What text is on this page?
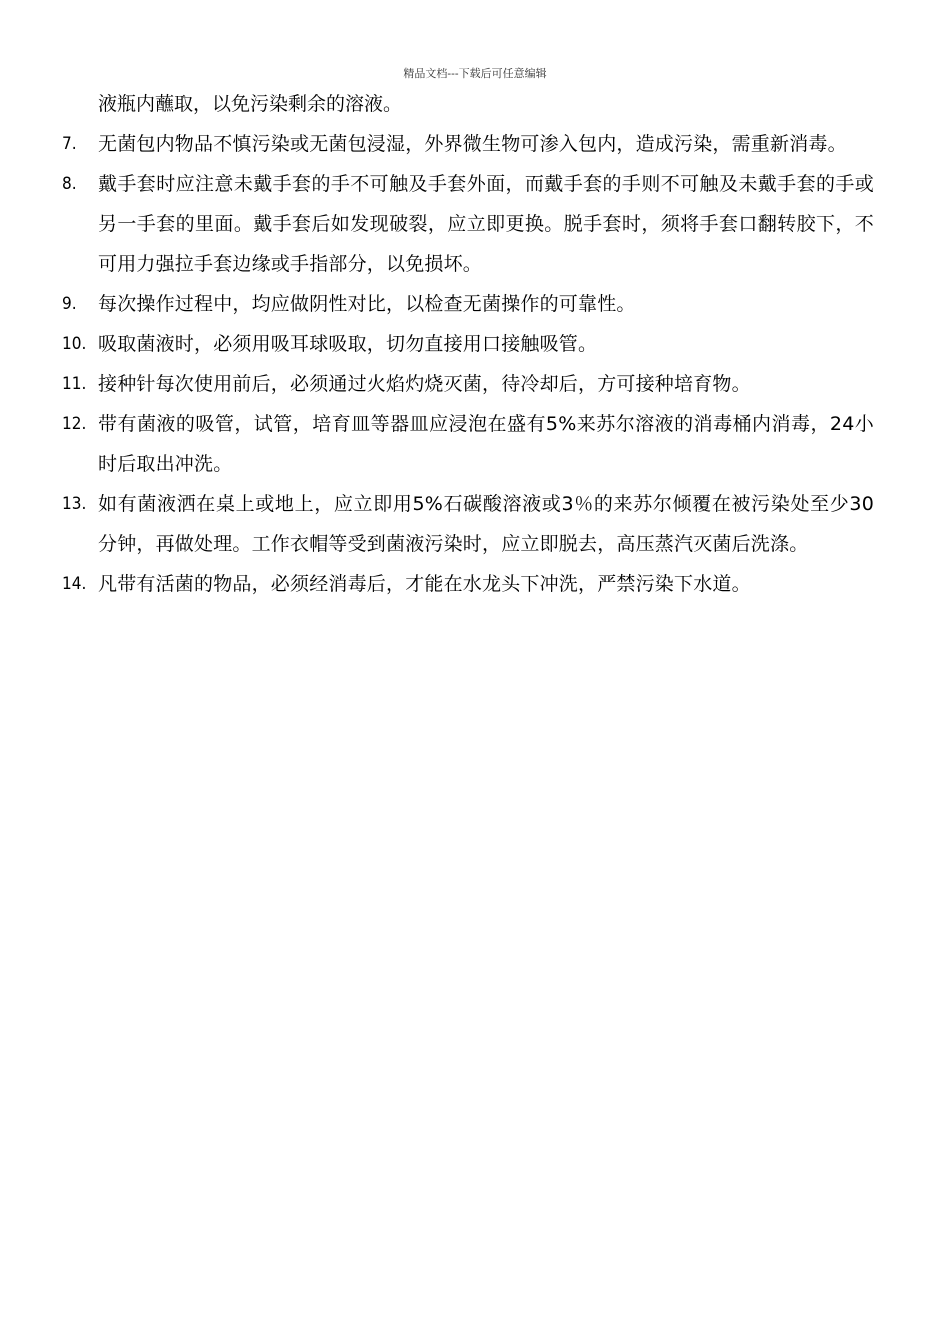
精品文档---下载后可任意编辑

液瓶内蘸取，以免污染剩余的溶液。

7.	无菌包内物品不慎污染或无菌包浸湿，外界微生物可渗入包内，造成污染，需重新消毒。
8.	戴手套时应注意未戴手套的手不可触及手套外面，而戴手套的手则不可触及未戴手套的手或另一手套的里面。戴手套后如发现破裂，应立即更换。脱手套时，须将手套口翻转胶下，不可用力强拉手套边缘或手指部分，以免损坏。
9.	每次操作过程中，均应做阴性对比，以检查无菌操作的可靠性。
10. 吸取菌液时，必须用吸耳球吸取，切勿直接用口接触吸管。
11. 接种针每次使用前后，必须通过火焰灼烧灭菌，待冷却后，方可接种培育物。
12. 带有菌液的吸管，试管，培育皿等器皿应浸泡在盛有5%来苏尔溶液的消毒桶内消毒，24小时后取出冲洗。
13. 如有菌液洒在桌上或地上，应立即用5%石碳酸溶液或3％的来苏尔倾覆在被污染处至少30分钟，再做处理。工作衣帽等受到菌液污染时，应立即脱去，高压蒸汽灭菌后洗涤。
14. 凡带有活菌的物品，必须经消毒后，才能在水龙头下冲洗，严禁污染下水道。
